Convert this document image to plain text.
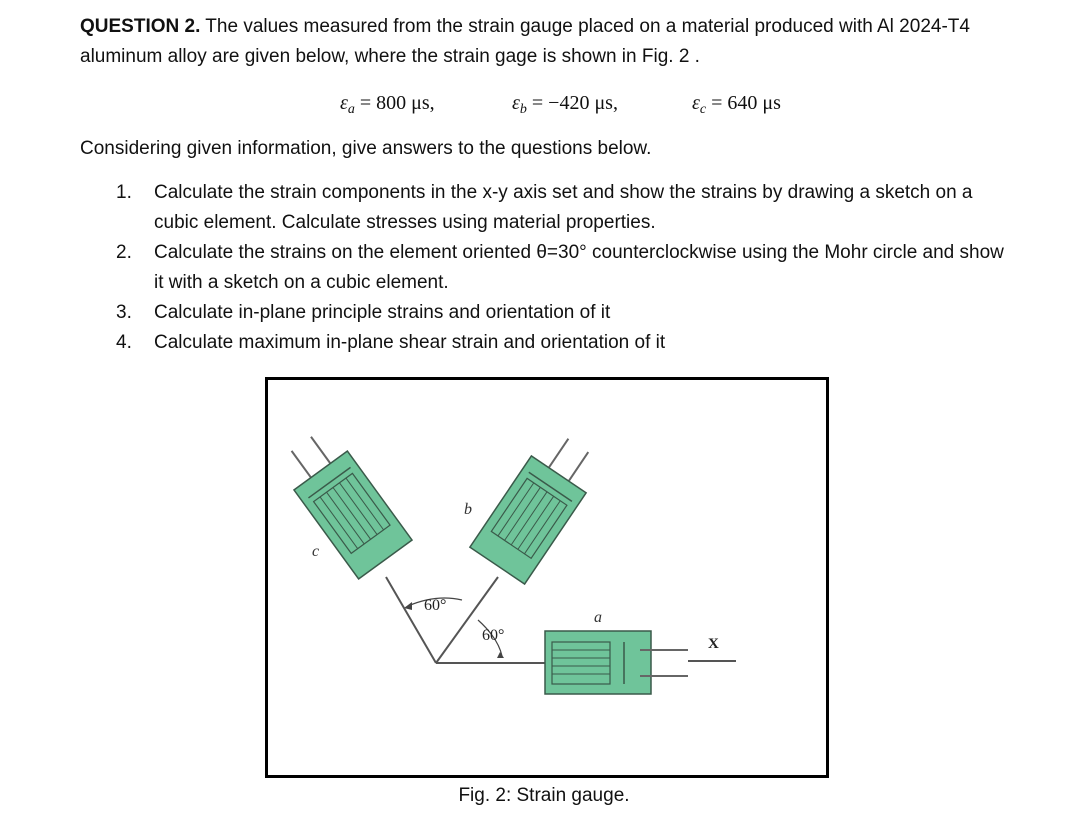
QUESTION 2. The values measured from the strain gauge placed on a material produced with Al 2024-T4 aluminum alloy are given below, where the strain gage is shown in Fig. 2 .
$\varepsilon_a = 800$ μs,	$\varepsilon_b = -420$ μs,	$\varepsilon_c = 640$ μs
Considering given information, give answers to the questions below.
1. Calculate the strain components in the x-y axis set and show the strains by drawing a sketch on a cubic element. Calculate stresses using material properties.
2. Calculate the strains on the element oriented θ=30° counterclockwise using the Mohr circle and show it with a sketch on a cubic element.
3. Calculate in-plane principle strains and orientation of it
4. Calculate maximum in-plane shear strain and orientation of it
b
c
a
60°
60°	X
Fig. 2: Strain gauge.
